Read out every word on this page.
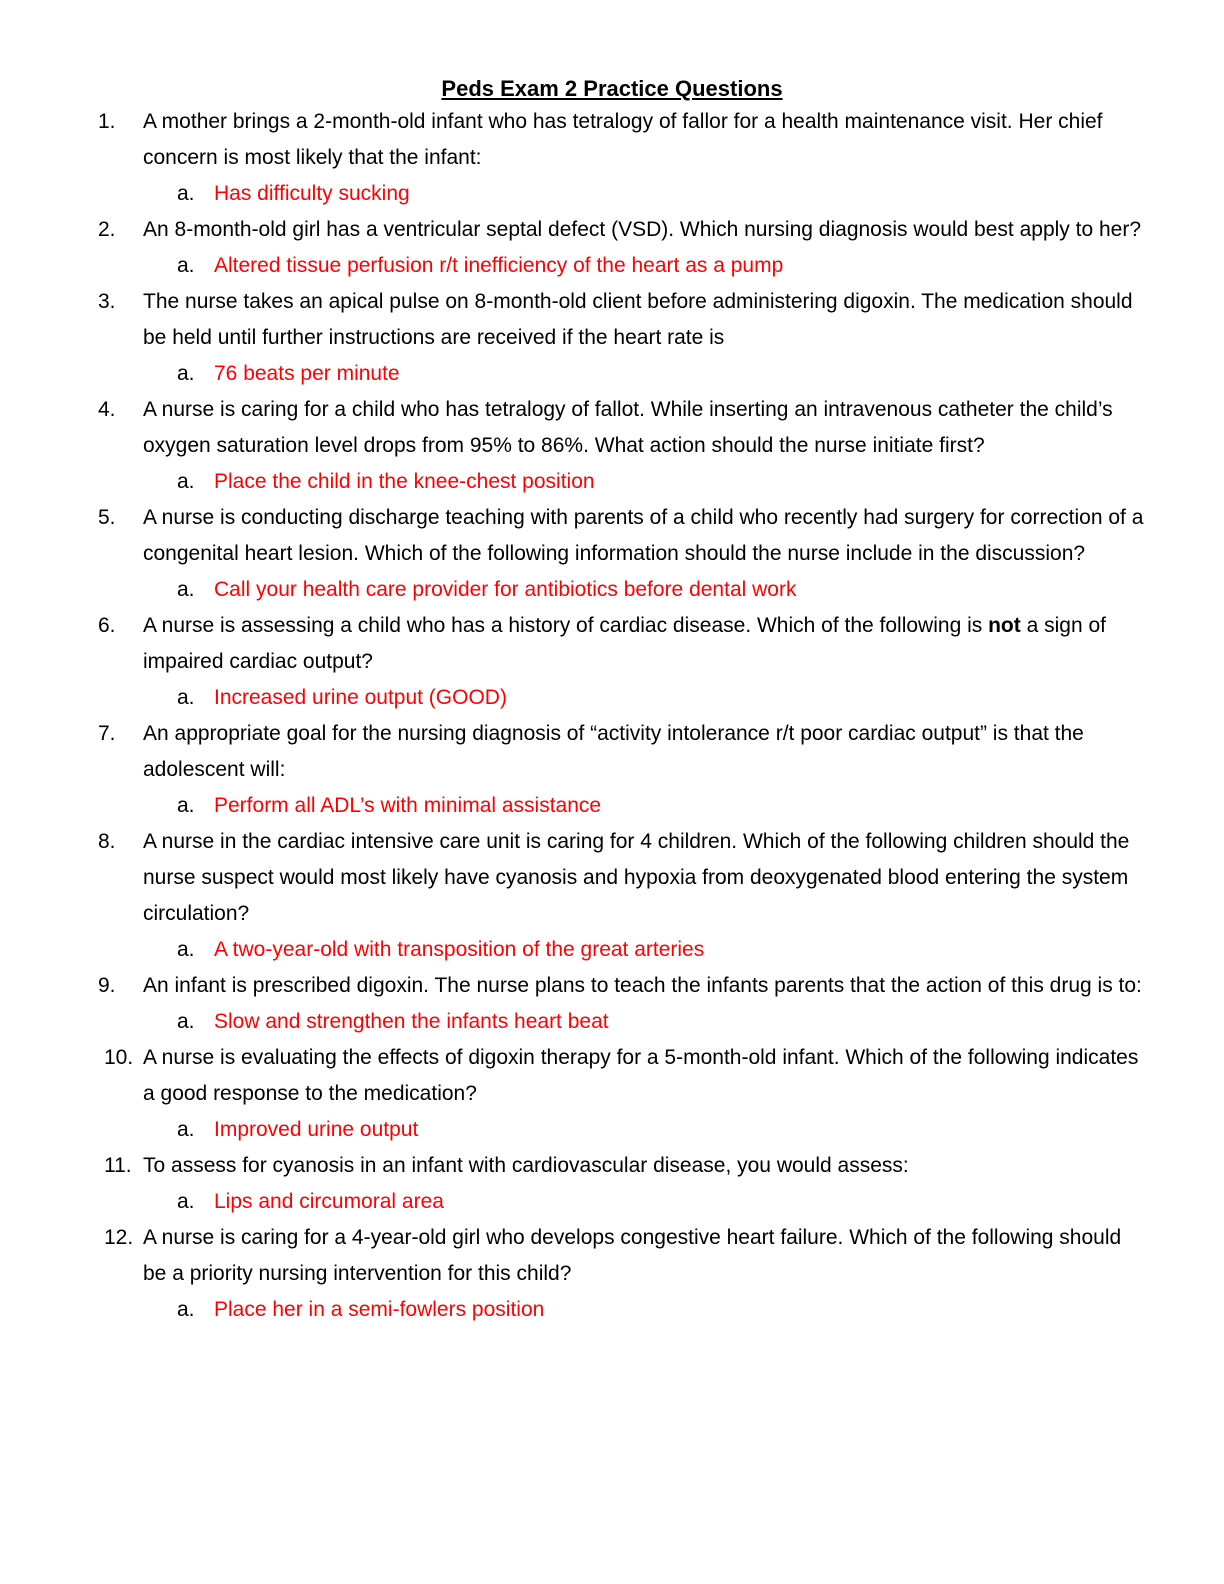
Peds Exam 2 Practice Questions
1.	A mother brings a 2-month-old infant who has tetralogy of fallor for a health maintenance visit. Her chief concern is most likely that the infant:
a. Has difficulty sucking
2.	An 8-month-old girl has a ventricular septal defect (VSD). Which nursing diagnosis would best apply to her?
a. Altered tissue perfusion r/t inefficiency of the heart as a pump
3.	The nurse takes an apical pulse on 8-month-old client before administering digoxin. The medication should be held until further instructions are received if the heart rate is
a. 76 beats per minute
4.	A nurse is caring for a child who has tetralogy of fallot. While inserting an intravenous catheter the child’s oxygen saturation level drops from 95% to 86%. What action should the nurse initiate first?
a. Place the child in the knee-chest position
5.	A nurse is conducting discharge teaching with parents of a child who recently had surgery for correction of a congenital heart lesion. Which of the following information should the nurse include in the discussion?
a. Call your health care provider for antibiotics before dental work
6.	A nurse is assessing a child who has a history of cardiac disease. Which of the following is not a sign of impaired cardiac output?
a. Increased urine output (GOOD)
7.	An appropriate goal for the nursing diagnosis of “activity intolerance r/t poor cardiac output” is that the adolescent will:
a. Perform all ADL’s with minimal assistance
8.	A nurse in the cardiac intensive care unit is caring for 4 children. Which of the following children should the nurse suspect would most likely have cyanosis and hypoxia from deoxygenated blood entering the system circulation?
a. A two-year-old with transposition of the great arteries
9.	An infant is prescribed digoxin. The nurse plans to teach the infants parents that the action of this drug is to:
a. Slow and strengthen the infants heart beat
10. A nurse is evaluating the effects of digoxin therapy for a 5-month-old infant. Which of the following indicates a good response to the medication?
a. Improved urine output
11. To assess for cyanosis in an infant with cardiovascular disease, you would assess:
a. Lips and circumoral area
12. A nurse is caring for a 4-year-old girl who develops congestive heart failure. Which of the following should be a priority nursing intervention for this child?
a. Place her in a semi-fowlers position
